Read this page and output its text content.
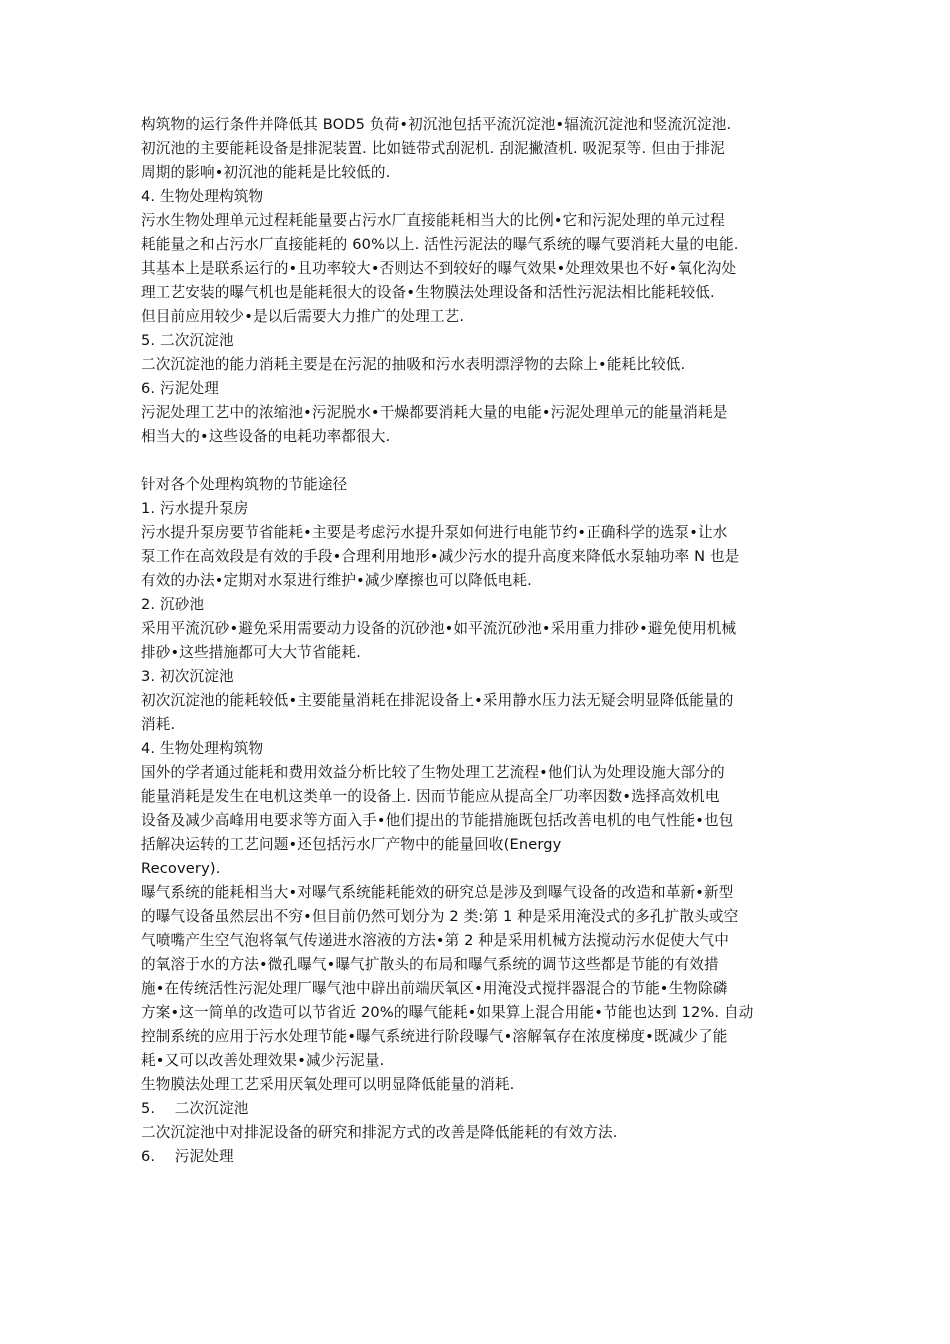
构筑物的运行条件并降低其 BOD5 负荷•初沉池包括平流沉淀池•辐流沉淀池和竖流沉淀池.
初沉池的主要能耗设备是排泥装置. 比如链带式刮泥机. 刮泥撇渣机. 吸泥泵等. 但由于排泥
周期的影响•初沉池的能耗是比较低的.
4. 生物处理构筑物
污水生物处理单元过程耗能量要占污水厂直接能耗相当大的比例•它和污泥处理的单元过程
耗能量之和占污水厂直接能耗的 60%以上. 活性污泥法的曝气系统的曝气要消耗大量的电能.
其基本上是联系运行的•且功率较大•否则达不到较好的曝气效果•处理效果也不好•氧化沟处
理工艺安装的曝气机也是能耗很大的设备•生物膜法处理设备和活性污泥法相比能耗较低.
但目前应用较少•是以后需要大力推广的处理工艺.
5. 二次沉淀池
二次沉淀池的能力消耗主要是在污泥的抽吸和污水表明漂浮物的去除上•能耗比较低.
6. 污泥处理
污泥处理工艺中的浓缩池•污泥脱水•干燥都要消耗大量的电能•污泥处理单元的能量消耗是
相当大的•这些设备的电耗功率都很大.
针对各个处理构筑物的节能途径
1. 污水提升泵房
污水提升泵房要节省能耗•主要是考虑污水提升泵如何进行电能节约•正确科学的选泵•让水
泵工作在高效段是有效的手段•合理利用地形•减少污水的提升高度来降低水泵轴功率 N 也是
有效的办法•定期对水泵进行维护•减少摩擦也可以降低电耗.
2. 沉砂池
采用平流沉砂•避免采用需要动力设备的沉砂池•如平流沉砂池•采用重力排砂•避免使用机械
排砂•这些措施都可大大节省能耗.
3. 初次沉淀池
初次沉淀池的能耗较低•主要能量消耗在排泥设备上•采用静水压力法无疑会明显降低能量的
消耗.
4. 生物处理构筑物
国外的学者通过能耗和费用效益分析比较了生物处理工艺流程•他们认为处理设施大部分的
能量消耗是发生在电机这类单一的设备上. 因而节能应从提高全厂功率因数•选择高效机电
设备及减少高峰用电要求等方面入手•他们提出的节能措施既包括改善电机的电气性能•也包
括解决运转的工艺问题•还包括污水厂产物中的能量回收(Energy
Recovery).
曝气系统的能耗相当大•对曝气系统能耗能效的研究总是涉及到曝气设备的改造和革新•新型
的曝气设备虽然层出不穷•但目前仍然可划分为 2 类:第 1 种是采用淹没式的多孔扩散头或空
气喷嘴产生空气泡将氧气传递进水溶液的方法•第 2 种是采用机械方法搅动污水促使大气中
的氧溶于水的方法•微孔曝气•曝气扩散头的布局和曝气系统的调节这些都是节能的有效措
施•在传统活性污泥处理厂曝气池中辟出前端厌氧区•用淹没式搅拌器混合的节能•生物除磷
方案•这一简单的改造可以节省近 20%的曝气能耗•如果算上混合用能•节能也达到 12%. 自动
控制系统的应用于污水处理节能•曝气系统进行阶段曝气•溶解氧存在浓度梯度•既减少了能
耗•又可以改善处理效果•减少污泥量.
生物膜法处理工艺采用厌氧处理可以明显降低能量的消耗.
5.　 二次沉淀池
二次沉淀池中对排泥设备的研究和排泥方式的改善是降低能耗的有效方法.
6.　 污泥处理
